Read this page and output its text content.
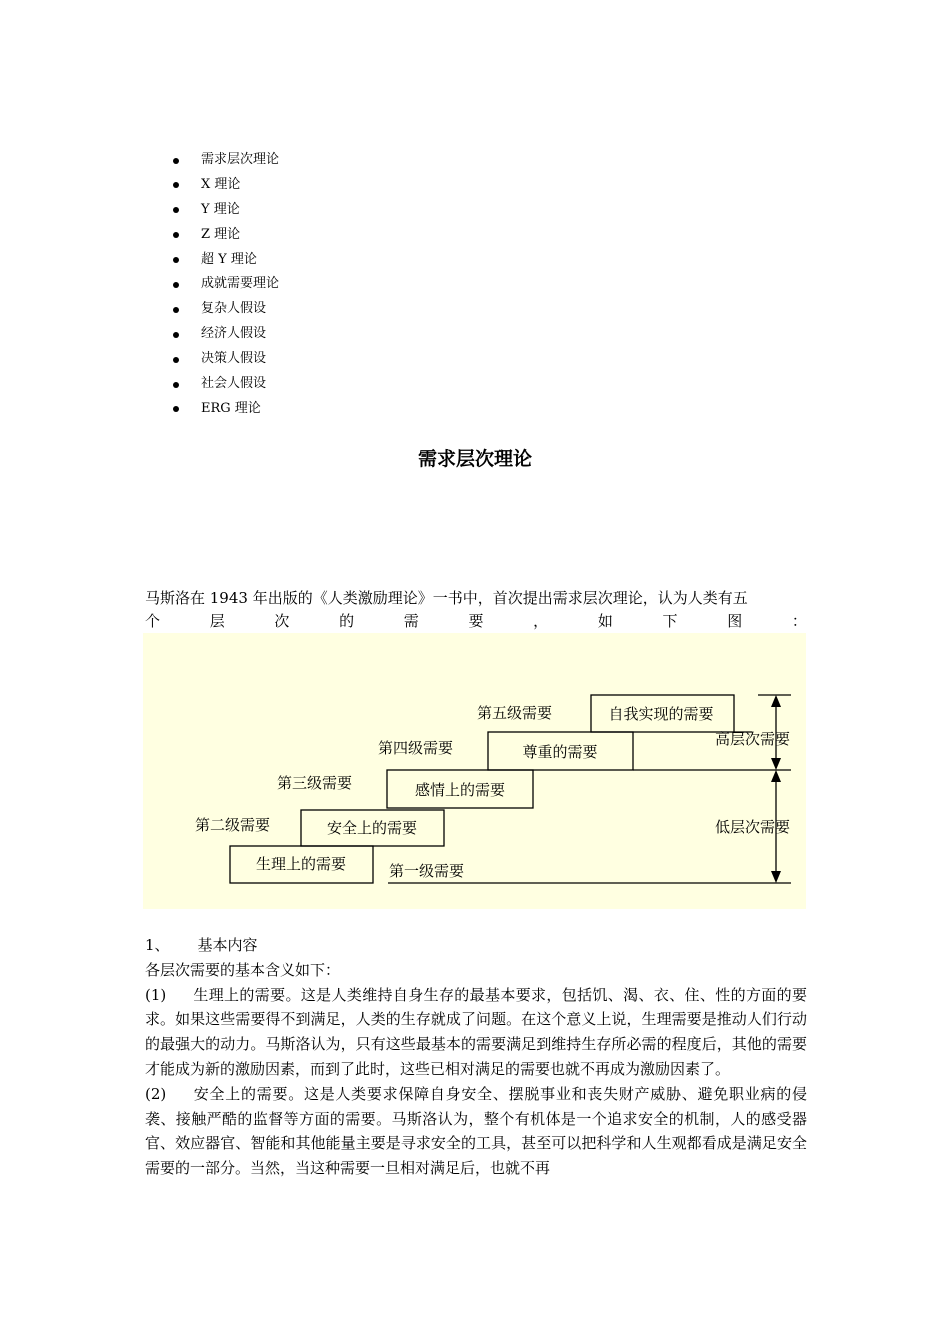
需求层次理论
X 理论
Y 理论
Z 理论
超 Y 理论
成就需要理论
复杂人假设
经济人假设
决策人假设
社会人假设
ERG 理论
需求层次理论
马斯洛在 1943 年出版的《人类激励理论》一书中，首次提出需求层次理论，认为人类有五
个	层	次	的	需	要	，	如	下	图	：
生理上的需要
安全上的需要
感情上的需要
尊重的需要
自我实现的需要
第一级需要
第二级需要
第三级需要
第四级需要
第五级需要
高层次需要
低层次需要
1、 基本内容
各层次需要的基本含义如下：
(1) 生理上的需要。这是人类维持自身生存的最基本要求，包括饥、渴、衣、住、性的方面的要求。如果这些需要得不到满足，人类的生存就成了问题。在这个意义上说，生理需要是推动人们行动的最强大的动力。马斯洛认为，只有这些最基本的需要满足到维持生存所必需的程度后，其他的需要才能成为新的激励因素，而到了此时，这些已相对满足的需要也就不再成为激励因素了。
(2) 安全上的需要。这是人类要求保障自身安全、摆脱事业和丧失财产威胁、避免职业病的侵袭、接触严酷的监督等方面的需要。马斯洛认为，整个有机体是一个追求安全的机制，人的感受器官、效应器官、智能和其他能量主要是寻求安全的工具，甚至可以把科学和人生观都看成是满足安全需要的一部分。当然，当这种需要一旦相对满足后，也就不再
